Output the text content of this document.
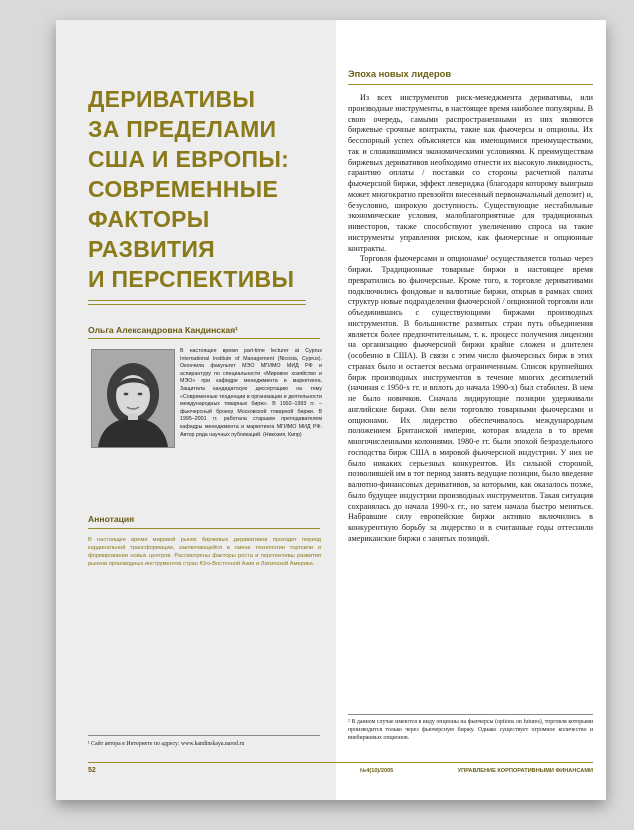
ДЕРИВАТИВЫ
ЗА ПРЕДЕЛАМИ
США И ЕВРОПЫ:
СОВРЕМЕННЫЕ
ФАКТОРЫ
РАЗВИТИЯ
И ПЕРСПЕКТИВЫ
Ольга Александровна Кандинская¹
В настоящее время part-time lecturer at Cyprus International Institute of Management (Nicosia, Cyprus). Окончила факультет МЭО МГИМО МИД РФ и аспирантуру по специальности «Мировое хозяйство и МЭО» при кафедре менеджмента и маркетинга. Защитила кандидатскую диссертацию на тему «Современные тенденции в организации и деятельности международных товарных бирж». В 1992–1993 гг. – фьючерсный брокер Московской товарной биржи. В 1995–2001 гг. работала старшим преподавателем кафедры менеджмента и маркетинга МГИМО МИД РФ. Автор ряда научных публикаций. (Никозия, Кипр)
Аннотация
В настоящее время мировой рынок биржевых деривативов проходит период кардинальной трансформации, заключающейся в смене технологии торговли и формировании новых центров. Рассмотрены факторы роста и перспективы развития рынков производных инструментов стран Юго-Восточной Азии и Латинской Америки.
¹ Сайт автора в Интернете по адресу: www.kandinskaya.narod.ru
Эпоха новых лидеров

Из всех инструментов риск-менеджмента деривативы, или производные инструменты, в настоящее время наиболее популярны. В свою очередь, самыми распространенными из них являются биржевые срочные контракты, такие как фьючерсы и опционы. Их бесспорный успех объясняется как имеющимися преимуществами, так и сложившимися экономическими условиями. К преимуществам биржевых деривативов необходимо отнести их высокую ликвидность, гарантию оплаты / поставки со стороны расчетной палаты фьючерсной биржи, эффект левериджа (благодаря которому выигрыш может многократно превзойти внесенный первоначальный депозит) и, безусловно, широкую доступность. Существующие нестабильные экономические условия, малоблагоприятные для традиционных инвесторов, также способствуют увеличению спроса на такие инструменты управления риском, как фьючерсные и опционные контракты.

Торговля фьючерсами и опционами² осуществляется только через биржи. Традиционные товарные биржи в настоящее время превратились во фьючерсные. Кроме того, к торговле деривативами подключились фондовые и валютные биржи, открыв в рамках своих структур новые подразделения фьючерсной / опционной торговли или объединившись с существующими биржами производных инструментов. В большинстве развитых стран путь объединения является более предпочтительным, т. к. процесс получения лицензии на организацию фьючерсной биржи крайне сложен и длителен (особенно в США). В связи с этим число фьючерсных бирж в этих странах было и остается весьма ограниченным. Список крупнейших бирж производных инструментов в течение многих десятилетий (начиная с 1950-х гг. и вплоть до начала 1990-х) был стабилен. В нем не было новичков. Сначала лидирующие позиции удерживали английские биржи. Они вели торговлю товарными фьючерсами и опционами. Их лидерство обеспечивалось международным положением Британской империи, которая владела в то время многочисленными колониями. 1980-е гг. были эпохой безраздельного господства бирж США в мировой фьючерсной индустрии. У них не было никаких серьезных конкурентов. Их сильной стороной, позволившей им в тот период занять ведущие позиции, было введение валютно-финансовых деривативов, за которыми, как оказалось позже, было будущее индустрии производных инструментов. Такая ситуация сохранялась до начала 1990-х гг., но затем начала быстро меняться. Набравшие силу европейские биржи активно включились в конкурентную борьбу за лидерство и в считанные годы оттеснили американские биржи с занятых позиций.

² В данном случае имеются в виду опционы на фьючерсы (options on futures), торговля которыми производится только через фьючерсную биржу. Однако существует огромное количество и внебиржевых опционов.
52	№4(10)/2005	УПРАВЛЕНИЕ КОРПОРАТИВНЫМИ ФИНАНСАМИ
